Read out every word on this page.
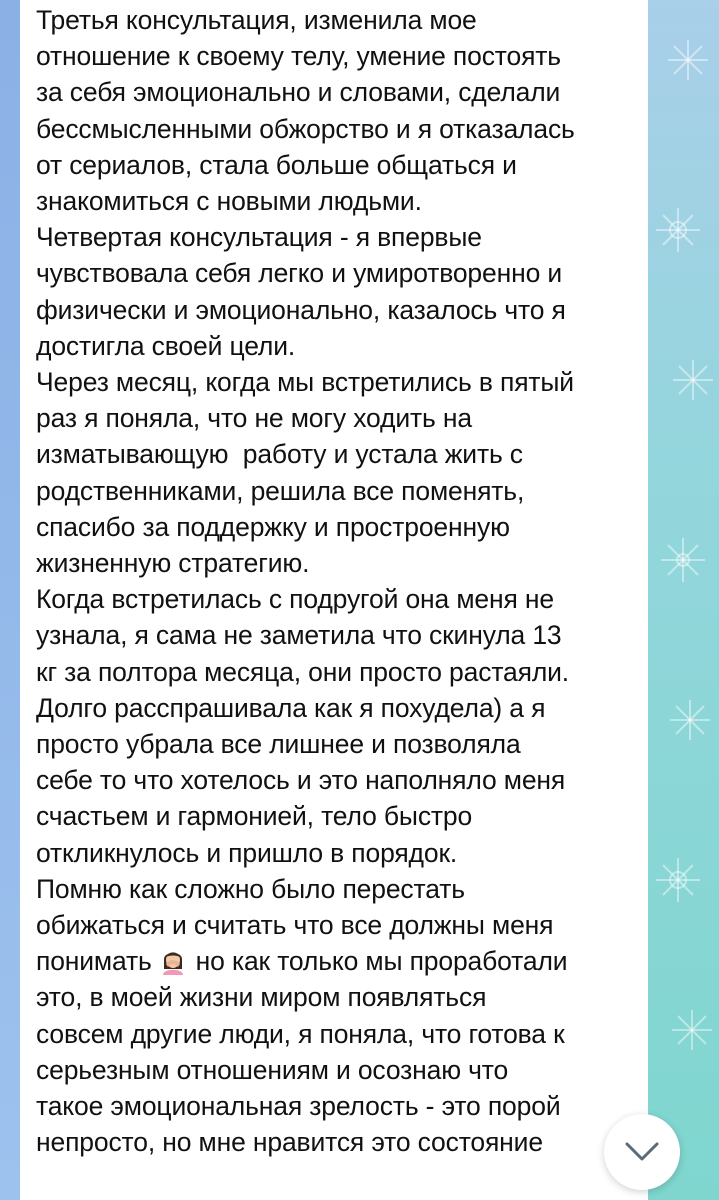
Третья консультация, изменила мое
отношение к своему телу, умение постоять
за себя эмоционально и словами, сделали
бессмысленными обжорство и я отказалась
от сериалов, стала больше общаться и
знакомиться с новыми людьми.
Четвертая консультация - я впервые
чувствовала себя легко и умиротворенно и
физически и эмоционально, казалось что я
достигла своей цели.
Через месяц, когда мы встретились в пятый
раз я поняла, что не могу ходить на
изматывающую  работу и устала жить с
родственниками, решила все поменять,
спасибо за поддержку и простроенную
жизненную стратегию.
Когда встретилась с подругой она меня не
узнала, я сама не заметила что скинула 13
кг за полтора месяца, они просто растаяли.
Долго расспрашивала как я похудела) а я
просто убрала все лишнее и позволяла
себе то что хотелось и это наполняло меня
счастьем и гармонией, тело быстро
откликнулось и пришло в порядок.
Помню как сложно было перестать
обижаться и считать что все должны меня
понимать но как только мы проработали
это, в моей жизни миром появляться
совсем другие люди, я поняла, что готова к
серьезным отношениям и осознаю что
такое эмоциональная зрелость - это порой
непросто, но мне нравится это состояние
